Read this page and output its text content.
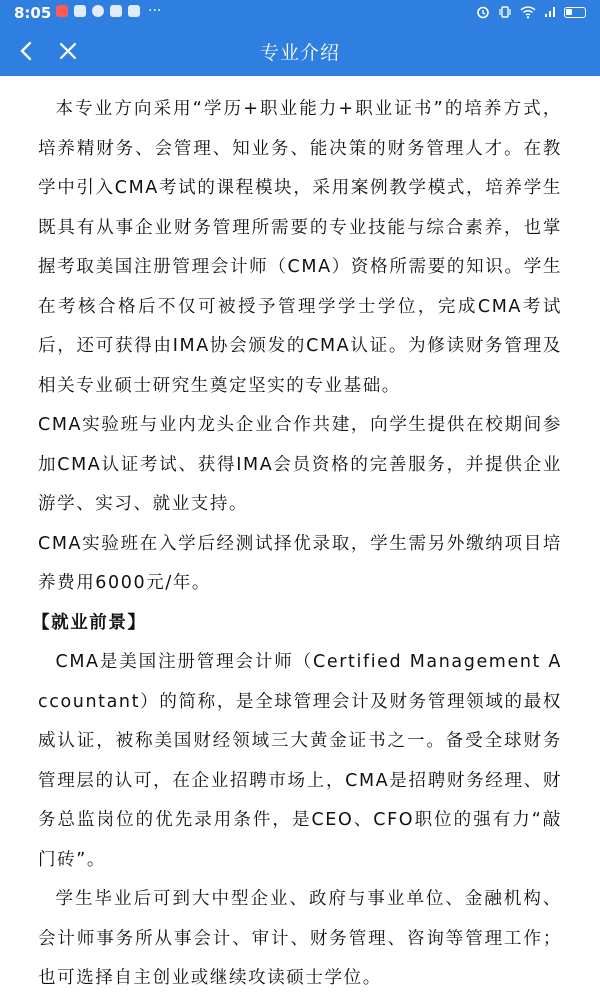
8:05	···
专业介绍

本专业方向采用“学历+职业能力+职业证书”的培养方式，培养精财务、会管理、知业务、能决策的财务管理人才。在教学中引入CMA考试的课程模块，采用案例教学模式，培养学生既具有从事企业财务管理所需要的专业技能与综合素养，也掌握考取美国注册管理会计师（CMA）资格所需要的知识。学生在考核合格后不仅可被授予管理学学士学位，完成CMA考试后，还可获得由IMA协会颁发的CMA认证。为修读财务管理及相关专业硕士研究生奠定坚实的专业基础。

CMA实验班与业内龙头企业合作共建，向学生提供在校期间参加CMA认证考试、获得IMA会员资格的完善服务，并提供企业游学、实习、就业支持。

CMA实验班在入学后经测试择优录取，学生需另外缴纳项目培养费用6000元/年。

【就业前景】

CMA是美国注册管理会计师（Certified Management Accountant）的简称，是全球管理会计及财务管理领域的最权威认证，被称美国财经领域三大黄金证书之一。备受全球财务管理层的认可，在企业招聘市场上，CMA是招聘财务经理、财务总监岗位的优先录用条件，是CEO、CFO职位的强有力“敲门砖”。

学生毕业后可到大中型企业、政府与事业单位、金融机构、会计师事务所从事会计、审计、财务管理、咨询等管理工作；也可选择自主创业或继续攻读硕士学位。
